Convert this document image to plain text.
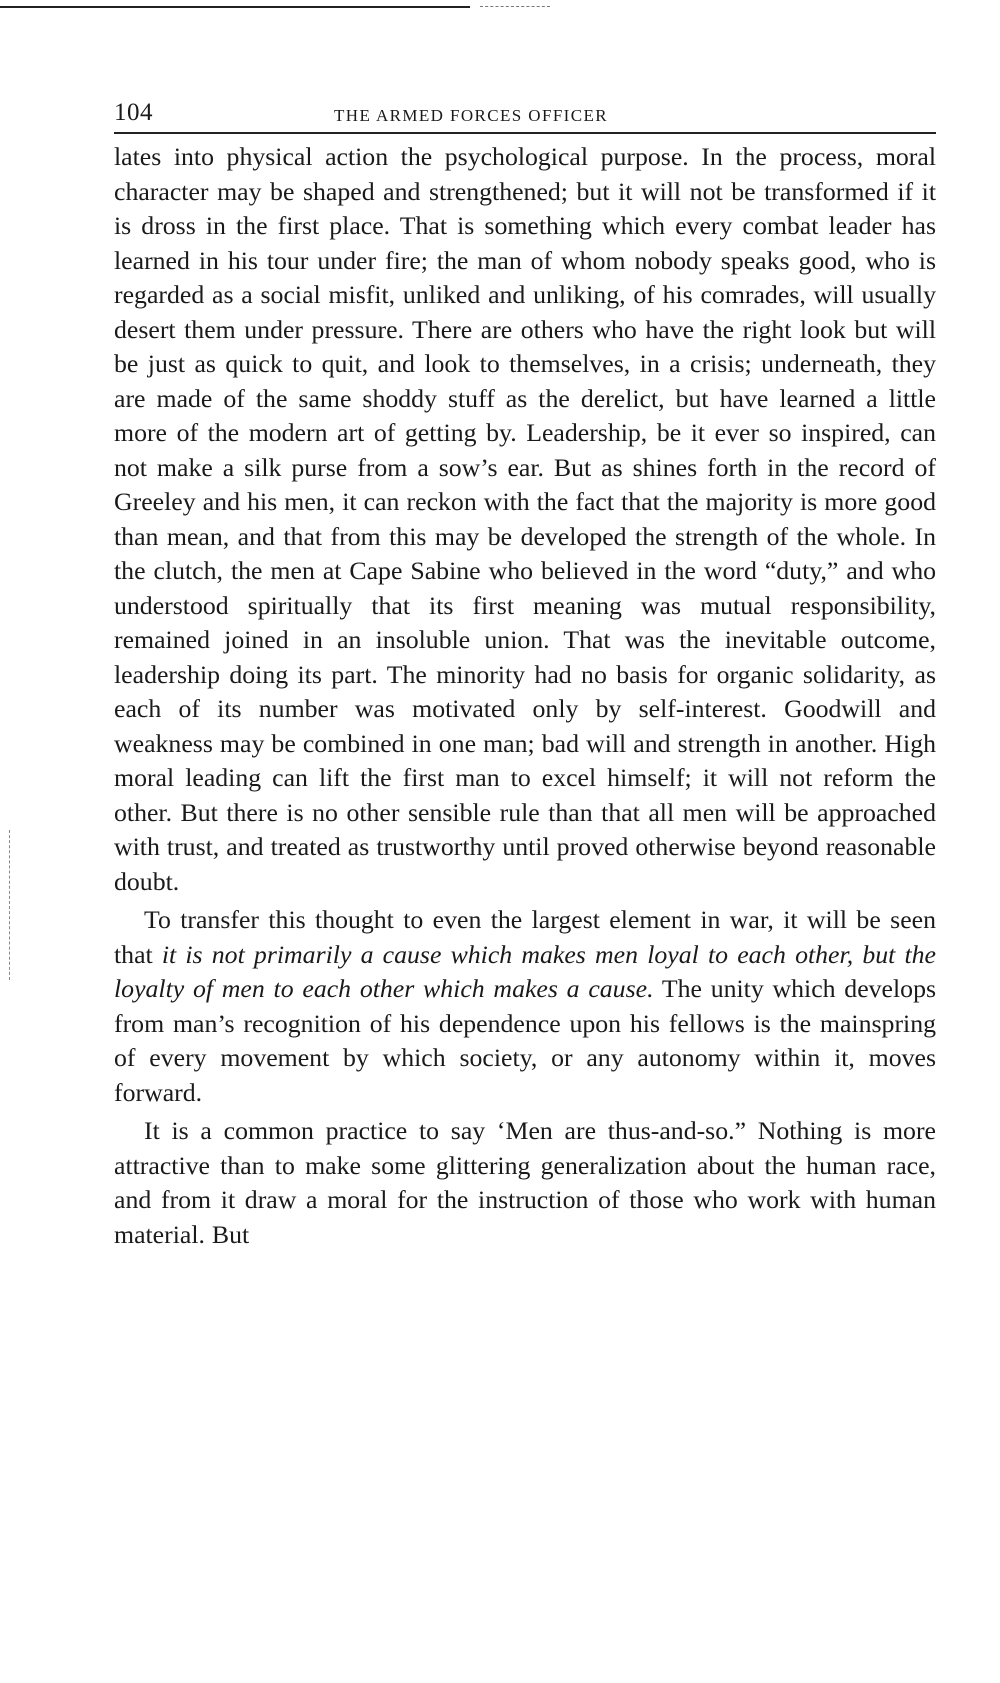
104	THE ARMED FORCES OFFICER

lates into physical action the psychological purpose. In the process, moral character may be shaped and strengthened; but it will not be transformed if it is dross in the first place. That is something which every combat leader has learned in his tour under fire; the man of whom nobody speaks good, who is regarded as a social misfit, unliked and unliking, of his comrades, will usually desert them under pressure. There are others who have the right look but will be just as quick to quit, and look to themselves, in a crisis; underneath, they are made of the same shoddy stuff as the derelict, but have learned a little more of the modern art of getting by. Leadership, be it ever so inspired, can not make a silk purse from a sow’s ear. But as shines forth in the record of Greeley and his men, it can reckon with the fact that the majority is more good than mean, and that from this may be developed the strength of the whole. In the clutch, the men at Cape Sabine who believed in the word “duty,” and who understood spiritually that its first meaning was mutual responsibility, remained joined in an insoluble union. That was the inevitable outcome, leadership doing its part. The minority had no basis for organic solidarity, as each of its number was motivated only by self-interest. Goodwill and weakness may be combined in one man; bad will and strength in another. High moral leading can lift the first man to excel himself; it will not reform the other. But there is no other sensible rule than that all men will be approached with trust, and treated as trustworthy until proved otherwise beyond reasonable doubt.

To transfer this thought to even the largest element in war, it will be seen that it is not primarily a cause which makes men loyal to each other, but the loyalty of men to each other which makes a cause. The unity which develops from man’s recognition of his dependence upon his fellows is the mainspring of every movement by which society, or any autonomy within it, moves forward.

It is a common practice to say ‘Men are thus-and-so.” Nothing is more attractive than to make some glittering generalization about the human race, and from it draw a moral for the instruction of those who work with human material. But
